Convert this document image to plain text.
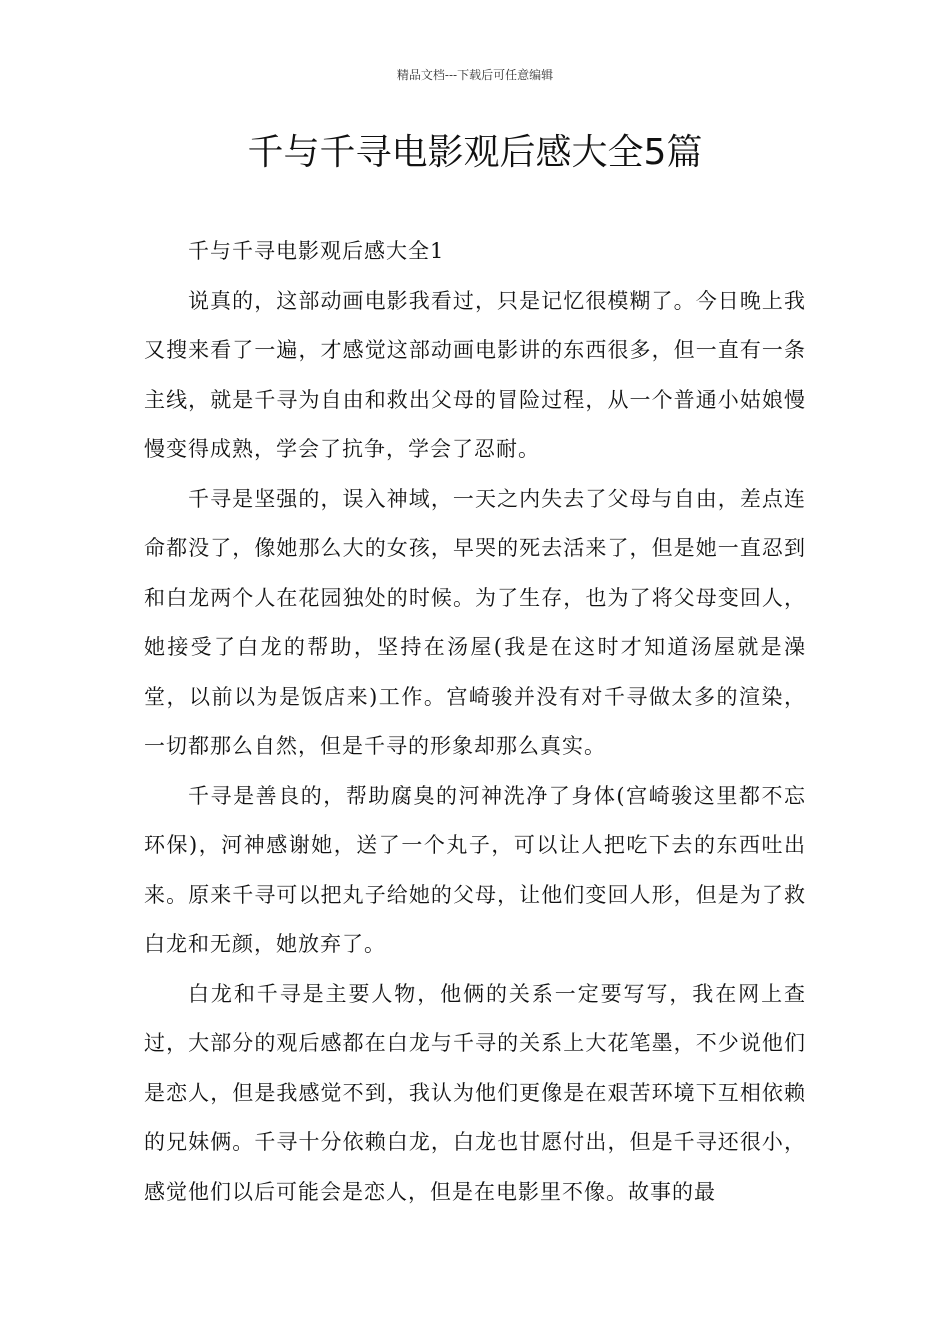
精品文档---下载后可任意编辑
千与千寻电影观后感大全5篇

千与千寻电影观后感大全1

说真的，这部动画电影我看过，只是记忆很模糊了。今日晚上我又搜来看了一遍，才感觉这部动画电影讲的东西很多，但一直有一条主线，就是千寻为自由和救出父母的冒险过程，从一个普通小姑娘慢慢变得成熟，学会了抗争，学会了忍耐。

千寻是坚强的，误入神域，一天之内失去了父母与自由，差点连命都没了，像她那么大的女孩，早哭的死去活来了，但是她一直忍到和白龙两个人在花园独处的时候。为了生存，也为了将父母变回人，她接受了白龙的帮助，坚持在汤屋(我是在这时才知道汤屋就是澡堂，以前以为是饭店来)工作。宫崎骏并没有对千寻做太多的渲染，一切都那么自然，但是千寻的形象却那么真实。

千寻是善良的，帮助腐臭的河神洗净了身体(宫崎骏这里都不忘环保)，河神感谢她，送了一个丸子，可以让人把吃下去的东西吐出来。原来千寻可以把丸子给她的父母，让他们变回人形，但是为了救白龙和无颜，她放弃了。

白龙和千寻是主要人物，他俩的关系一定要写写，我在网上查过，大部分的观后感都在白龙与千寻的关系上大花笔墨，不少说他们是恋人，但是我感觉不到，我认为他们更像是在艰苦环境下互相依赖的兄妹俩。千寻十分依赖白龙，白龙也甘愿付出，但是千寻还很小，感觉他们以后可能会是恋人，但是在电影里不像。故事的最
